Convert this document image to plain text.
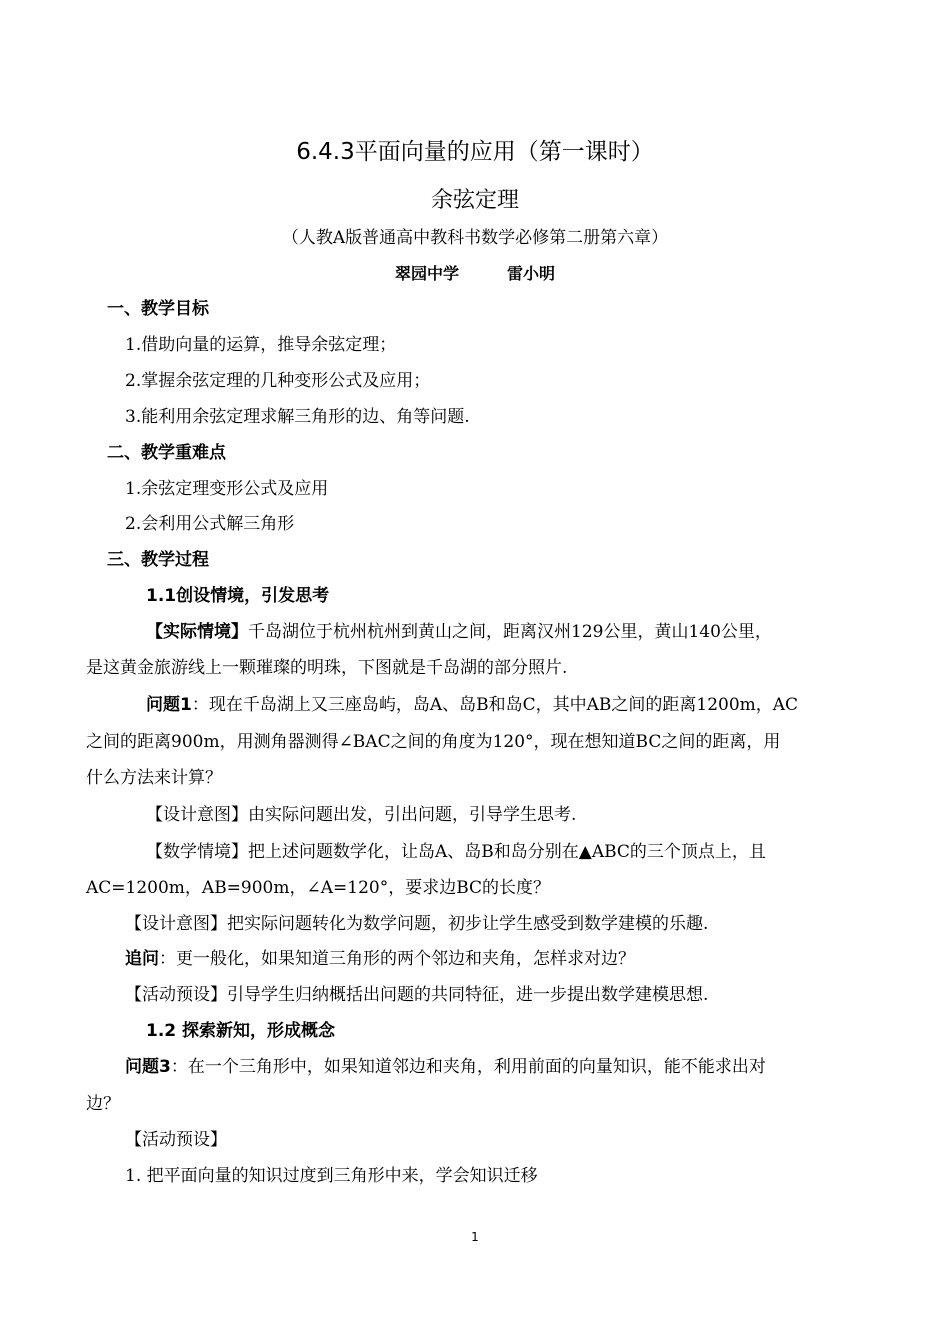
6.4.3平面向量的应用（第一课时）
余弦定理
（人教A版普通高中教科书数学必修第二册第六章）
翠园中学	雷小明
一、教学目标
1.借助向量的运算，推导余弦定理；
2.掌握余弦定理的几种变形公式及应用；
3.能利用余弦定理求解三角形的边、角等问题.
二、教学重难点
1.余弦定理变形公式及应用
2.会利用公式解三角形
三、教学过程
1.1创设情境，引发思考
【实际情境】千岛湖位于杭州杭州到黄山之间，距离汉州129公里，黄山140公里，
是这黄金旅游线上一颗璀璨的明珠，下图就是千岛湖的部分照片.
问题1：现在千岛湖上又三座岛屿，岛A、岛B和岛C，其中AB之间的距离1200m，AC
之间的距离900m，用测角器测得∠BAC之间的角度为120°，现在想知道BC之间的距离，用
什么方法来计算？
【设计意图】由实际问题出发，引出问题，引导学生思考.
【数学情境】把上述问题数学化，让岛A、岛B和岛分别在▲ABC的三个顶点上，且
AC=1200m，AB=900m，∠A=120°，要求边BC的长度？
【设计意图】把实际问题转化为数学问题，初步让学生感受到数学建模的乐趣.
追问：更一般化，如果知道三角形的两个邻边和夹角，怎样求对边？
【活动预设】引导学生归纳概括出问题的共同特征，进一步提出数学建模思想.
1.2 探索新知，形成概念
问题3：在一个三角形中，如果知道邻边和夹角，利用前面的向量知识，能不能求出对
边？
【活动预设】
1. 把平面向量的知识过度到三角形中来，学会知识迁移
1
